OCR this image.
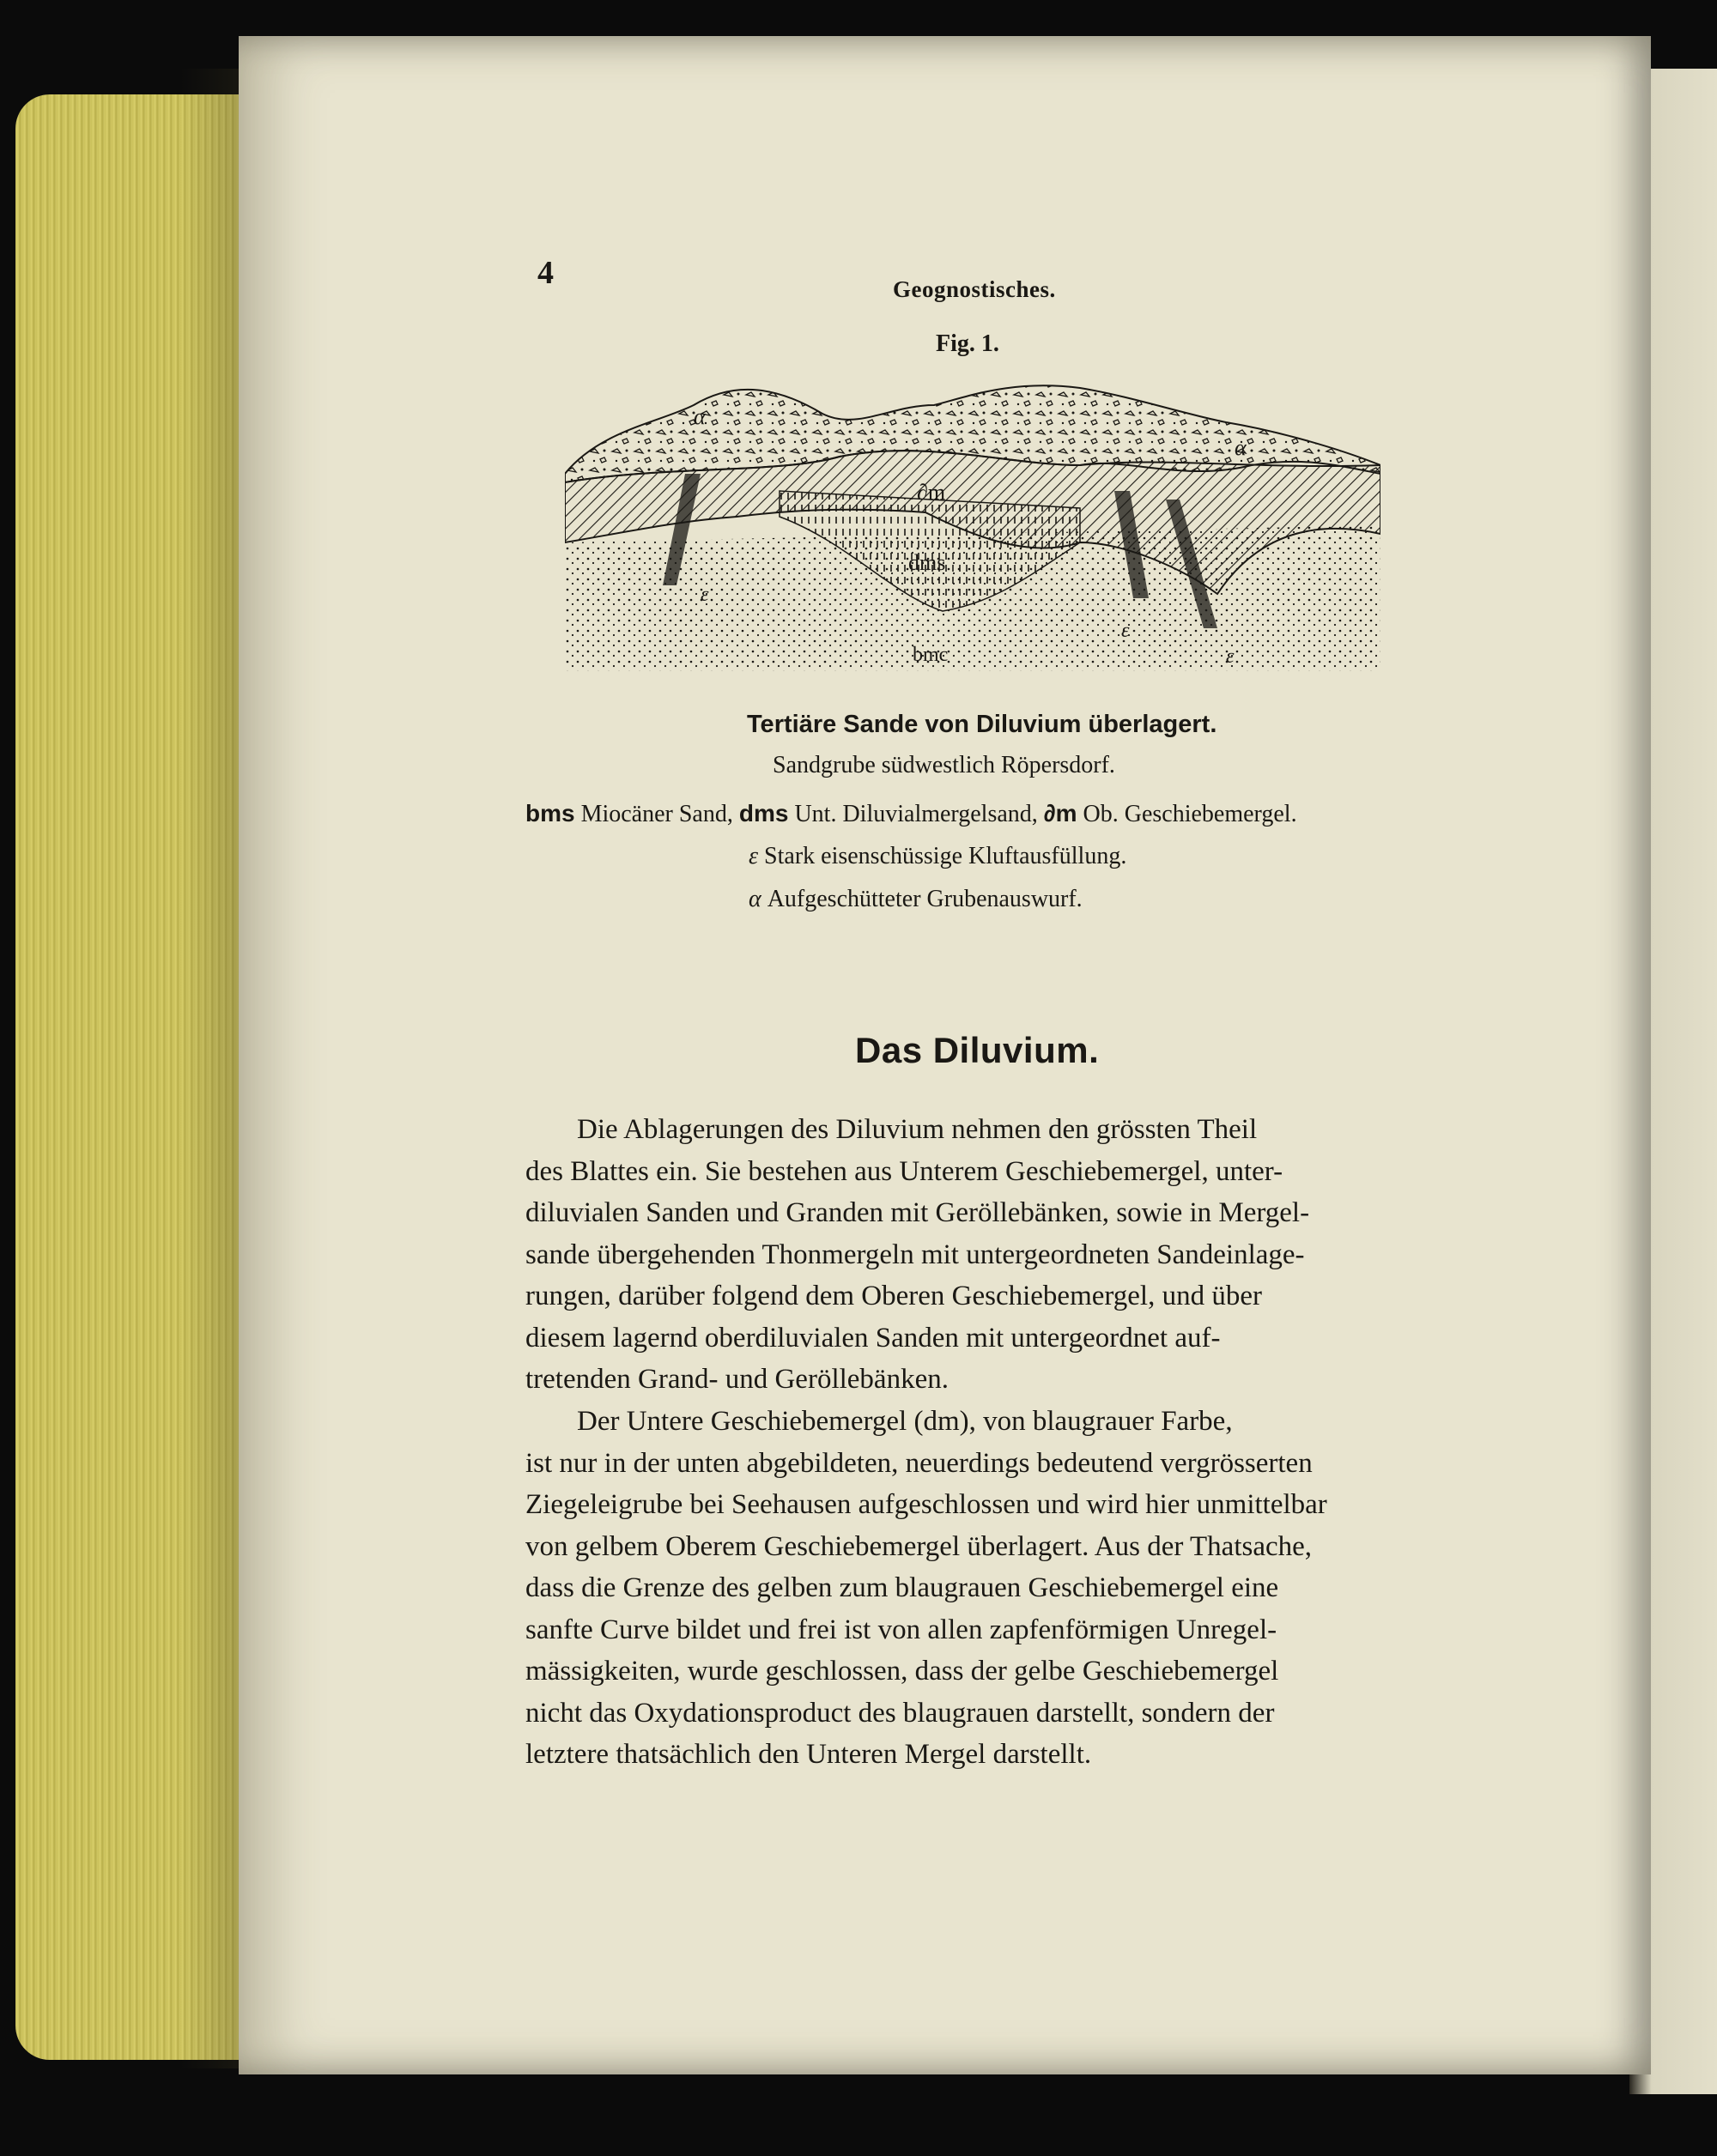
4	Geognostisches.
Fig. 1.
α
α
∂m
dms
bmc
ε
ε
ε
Tertiäre Sande von Diluvium überlagert.
Sandgrube südwestlich Röpersdorf.
bms Miocäner Sand, dms Unt. Diluvialmergelsand, ∂m Ob. Geschiebemergel.
ε Stark eisenschüssige Kluftausfüllung.
α Aufgeschütteter Grubenauswurf.
Das Diluvium.
Die Ablagerungen des Diluvium nehmen den grössten Theil
des Blattes ein. Sie bestehen aus Unterem Geschiebemergel, unter-
diluvialen Sanden und Granden mit Geröllebänken, sowie in Mergel-
sande übergehenden Thonmergeln mit untergeordneten Sandeinlage-
rungen, darüber folgend dem Oberen Geschiebemergel, und über
diesem lagernd oberdiluvialen Sanden mit untergeordnet auf-
tretenden Grand- und Geröllebänken.
Der Untere Geschiebemergel (dm), von blaugrauer Farbe,
ist nur in der unten abgebildeten, neuerdings bedeutend vergrösserten
Ziegeleigrube bei Seehausen aufgeschlossen und wird hier unmittelbar
von gelbem Oberem Geschiebemergel überlagert. Aus der Thatsache,
dass die Grenze des gelben zum blaugrauen Geschiebemergel eine
sanfte Curve bildet und frei ist von allen zapfenförmigen Unregel-
mässigkeiten, wurde geschlossen, dass der gelbe Geschiebemergel
nicht das Oxydationsproduct des blaugrauen darstellt, sondern der
letztere thatsächlich den Unteren Mergel darstellt.
